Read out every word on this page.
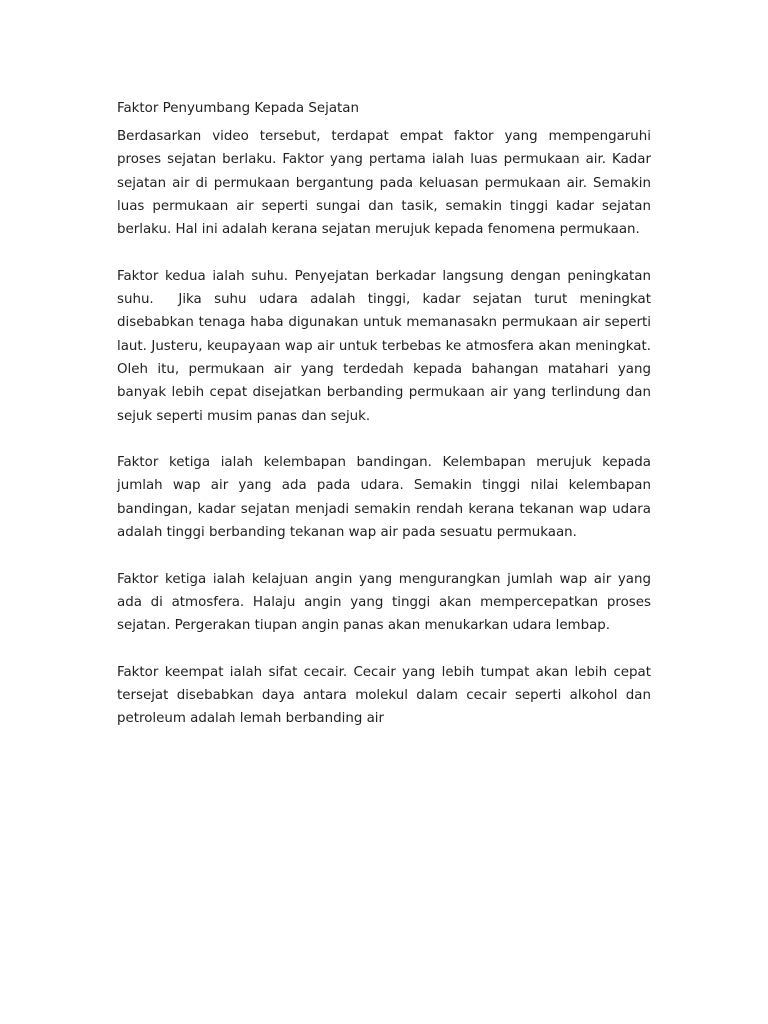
Faktor Penyumbang Kepada Sejatan

Berdasarkan video tersebut, terdapat empat faktor yang mempengaruhi proses sejatan berlaku. Faktor yang pertama ialah luas permukaan air. Kadar sejatan air di permukaan bergantung pada keluasan permukaan air. Semakin luas permukaan air seperti sungai dan tasik, semakin tinggi kadar sejatan berlaku. Hal ini adalah kerana sejatan merujuk kepada fenomena permukaan.

Faktor kedua ialah suhu. Penyejatan berkadar langsung dengan peningkatan suhu.  Jika suhu udara adalah tinggi, kadar sejatan turut meningkat disebabkan tenaga haba digunakan untuk memanasakn permukaan air seperti laut. Justeru, keupayaan wap air untuk terbebas ke atmosfera akan meningkat. Oleh itu, permukaan air yang terdedah kepada bahangan matahari yang banyak lebih cepat disejatkan berbanding permukaan air yang terlindung dan sejuk seperti musim panas dan sejuk.

Faktor ketiga ialah kelembapan bandingan. Kelembapan merujuk kepada jumlah wap air yang ada pada udara. Semakin tinggi nilai kelembapan bandingan, kadar sejatan menjadi semakin rendah kerana tekanan wap udara adalah tinggi berbanding tekanan wap air pada sesuatu permukaan.

Faktor ketiga ialah kelajuan angin yang mengurangkan jumlah wap air yang ada di atmosfera. Halaju angin yang tinggi akan mempercepatkan proses sejatan. Pergerakan tiupan angin panas akan menukarkan udara lembap.

Faktor keempat ialah sifat cecair. Cecair yang lebih tumpat akan lebih cepat tersejat disebabkan daya antara molekul dalam cecair seperti alkohol dan petroleum adalah lemah berbanding air
